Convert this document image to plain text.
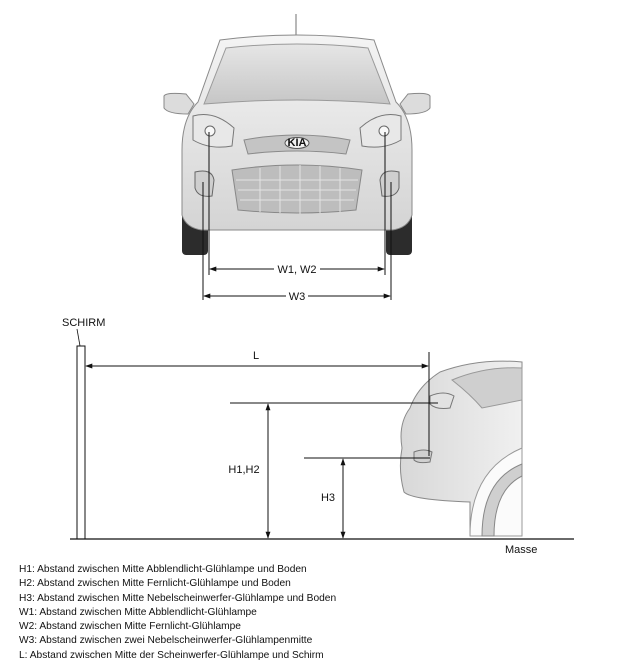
KIA
W1, W2
W3
SCHIRM
Masse
L
H1,H2
H3
H1: Abstand zwischen Mitte Abblendlicht-Glühlampe und Boden
H2: Abstand zwischen Mitte Fernlicht-Glühlampe und Boden
H3: Abstand zwischen Mitte Nebelscheinwerfer-Glühlampe und Boden
W1: Abstand zwischen Mitte Abblendlicht-Glühlampe
W2: Abstand zwischen Mitte Fernlicht-Glühlampe
W3: Abstand zwischen zwei Nebelscheinwerfer-Glühlampenmitte
L: Abstand zwischen Mitte der Scheinwerfer-Glühlampe und Schirm
